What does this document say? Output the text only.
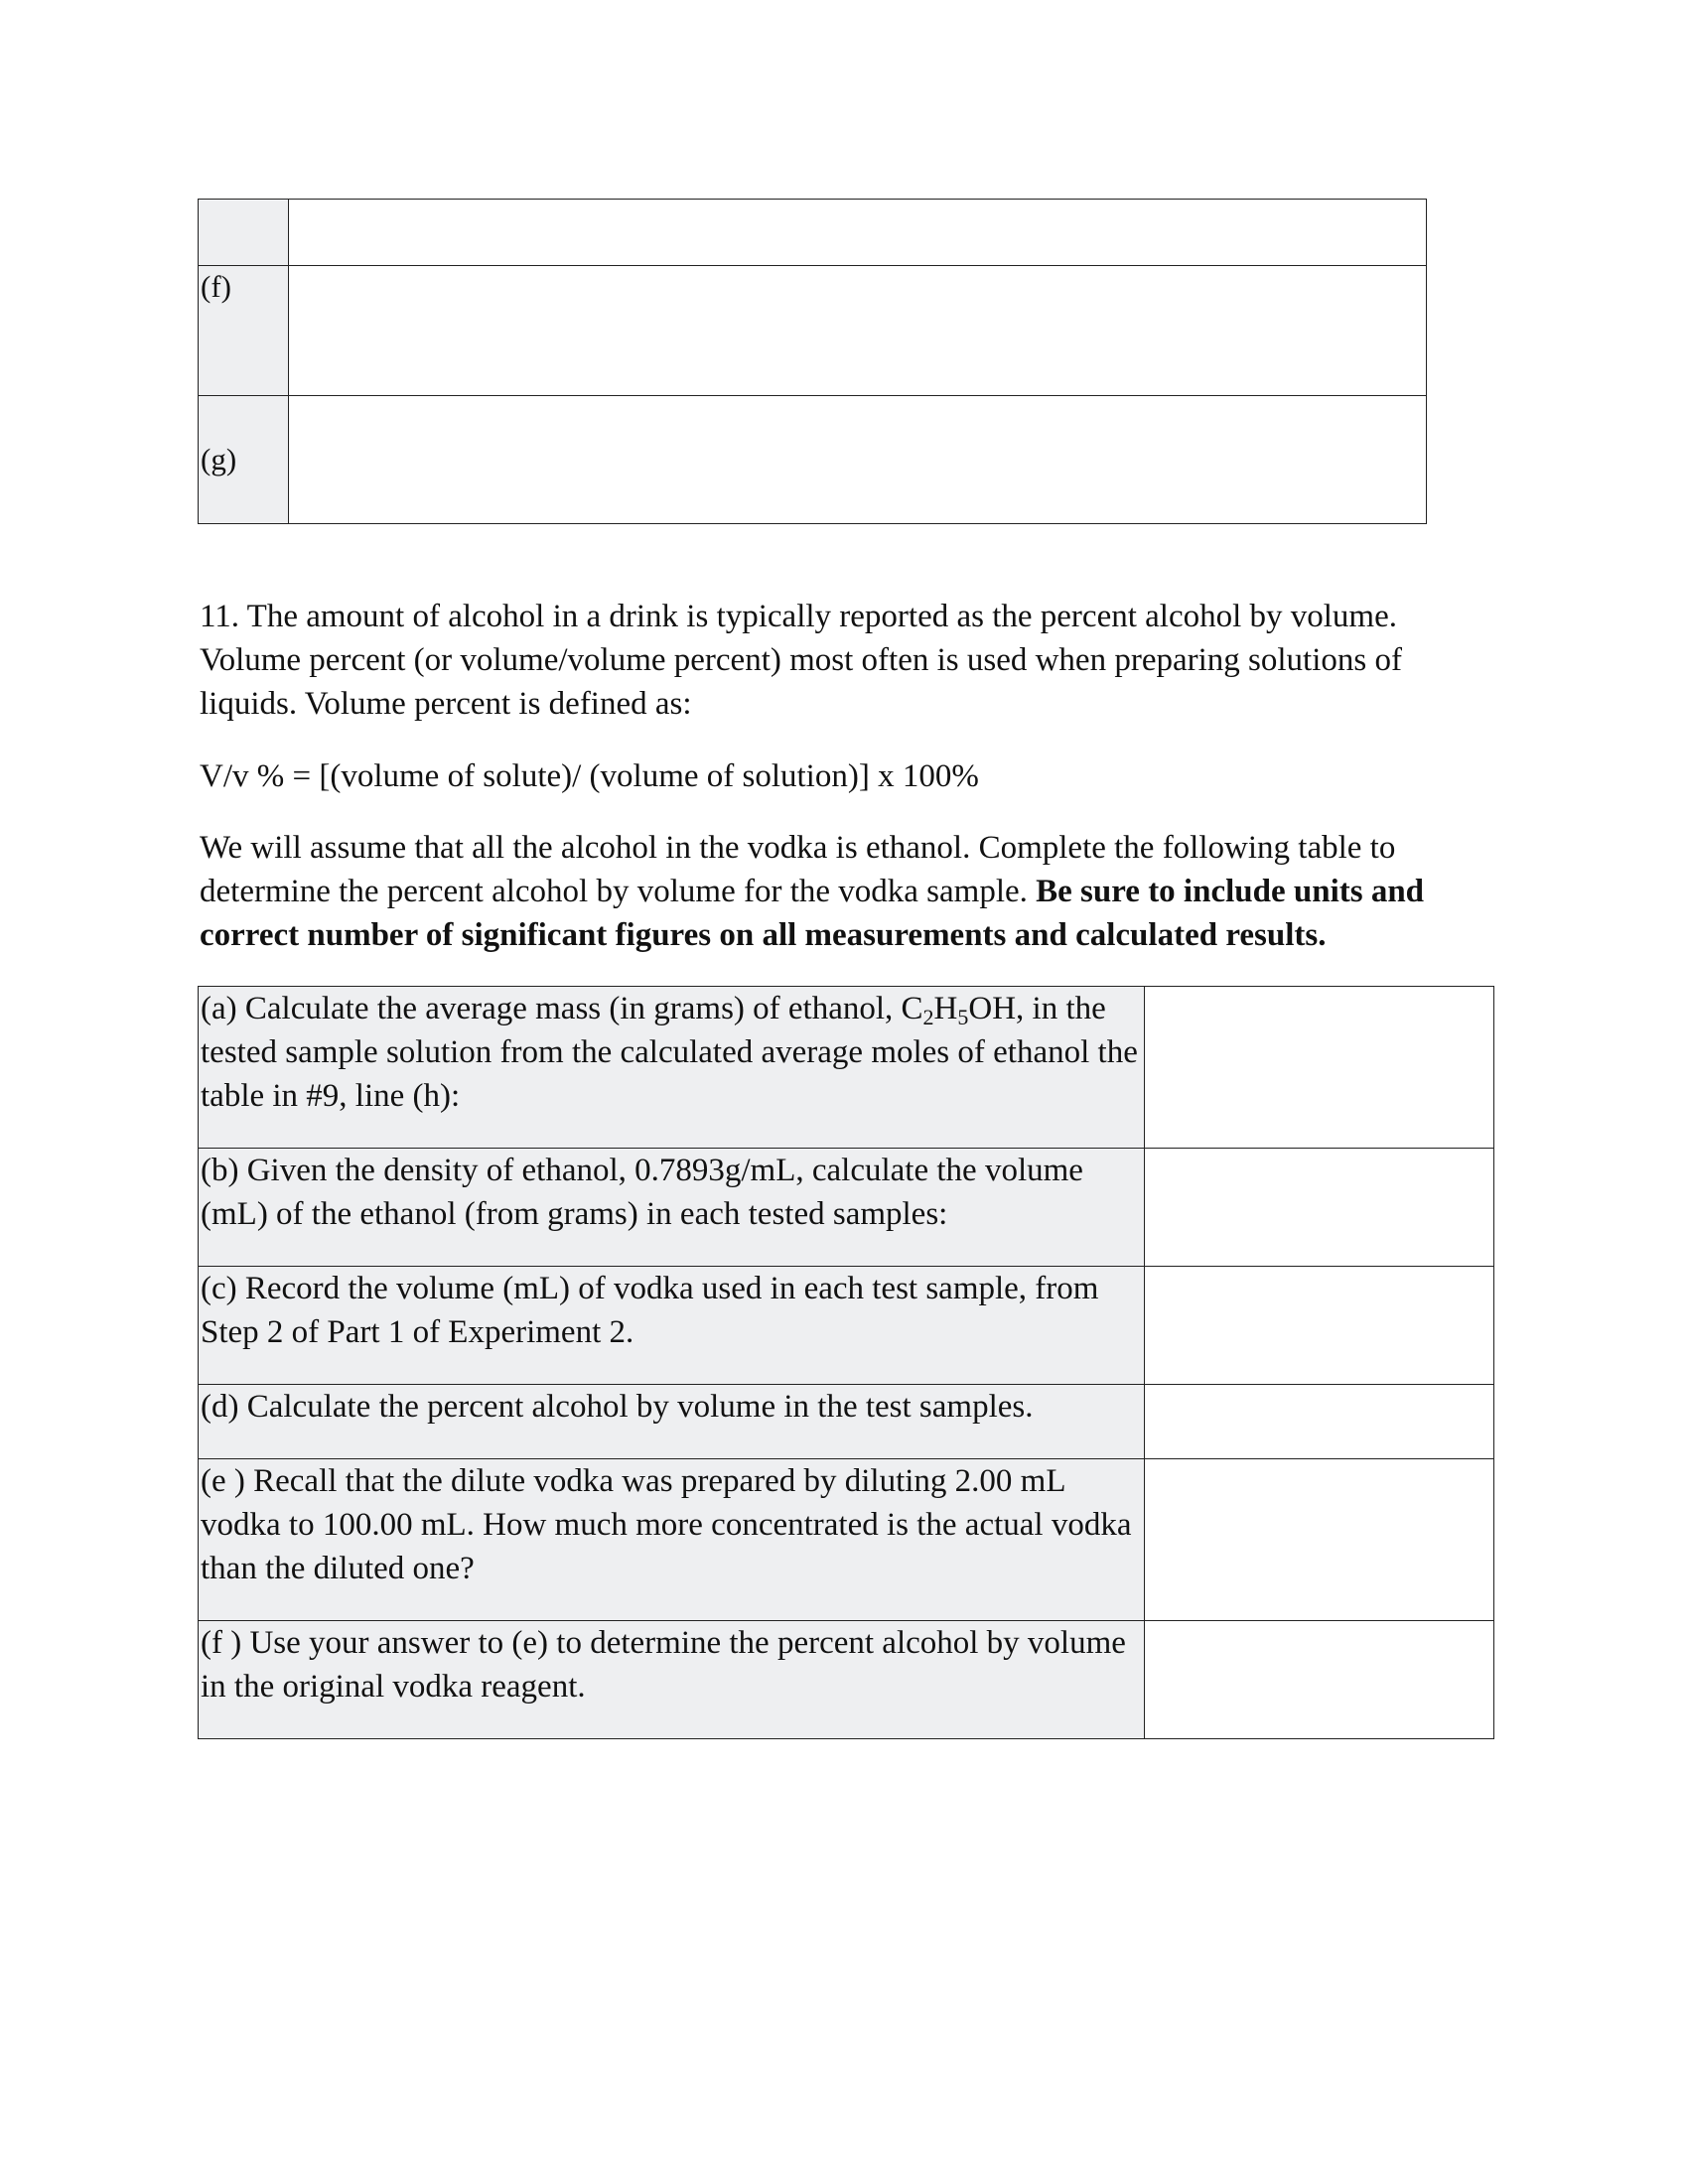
(f)	
(g)	

11. The amount of alcohol in a drink is typically reported as the percent alcohol by volume. Volume percent (or volume/volume percent) most often is used when preparing solutions of liquids. Volume percent is defined as:

V/v % = [(volume of solute)/ (volume of solution)] x 100%

We will assume that all the alcohol in the vodka is ethanol. Complete the following table to determine the percent alcohol by volume for the vodka sample. Be sure to include units and correct number of significant figures on all measurements and calculated results.

(a) Calculate the average mass (in grams) of ethanol, $C_2H_5OH$, in the tested sample solution from the calculated average moles of ethanol the table in #9, line (h):	
(b) Given the density of ethanol, 0.7893g/mL, calculate the volume (mL) of the ethanol (from grams) in each tested samples:	
(c) Record the volume (mL) of vodka used in each test sample, from Step 2 of Part 1 of Experiment 2.	
(d) Calculate the percent alcohol by volume in the test samples.	
(e ) Recall that the dilute vodka was prepared by diluting 2.00 mL vodka to 100.00 mL. How much more concentrated is the actual vodka than the diluted one?	
(f ) Use your answer to (e) to determine the percent alcohol by volume in the original vodka reagent.	
